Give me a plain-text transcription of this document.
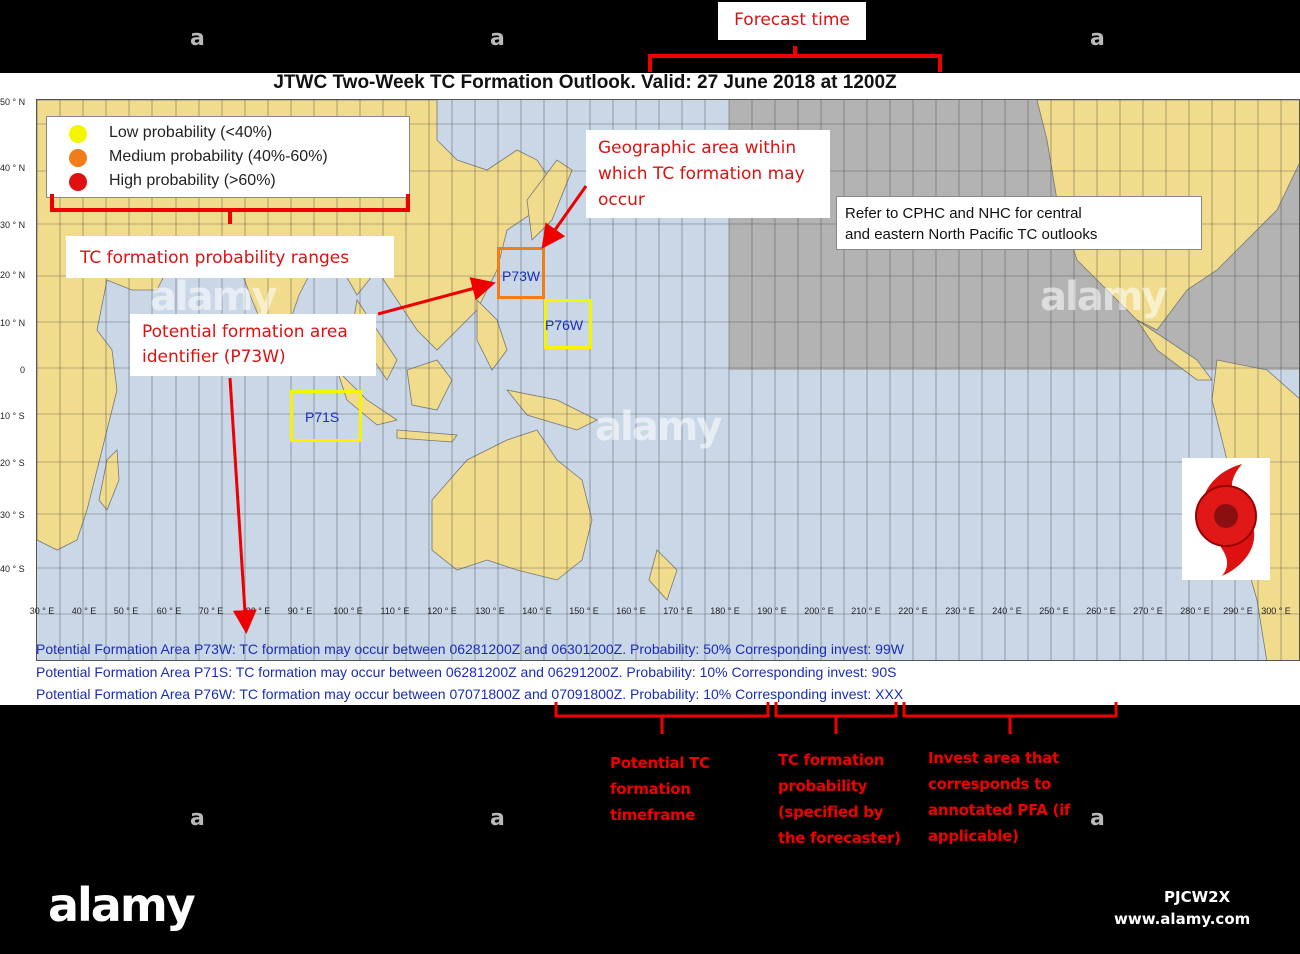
Forecast time
JTWC Two-Week TC Formation Outlook. Valid: 27 June 2018 at 1200Z
50 ° N
40 ° N
30 ° N
20 ° N
10 ° N
0
10 ° S
20 ° S
30 ° S
40 ° S
30 ° E 40 ° E 50 ° E 60 ° E 70 ° E 80 ° E 90 ° E 100 ° E 110 ° E 120 ° E 130 ° E 140 ° E 150 ° E 160 ° E 170 ° E 180 ° E 190 ° E 200 ° E 210 ° E 220 ° E 230 ° E 240 ° E 250 ° E 260 ° E 270 ° E 280 ° E 290 ° E 300 ° E
Potential Formation Area P73W: TC formation may occur between 06281200Z and 06301200Z. Probability: 50% Corresponding invest: 99W
Potential Formation Area P71S: TC formation may occur between 06281200Z and 06291200Z. Probability: 10% Corresponding invest: 90S
Potential Formation Area P76W: TC formation may occur between 07071800Z and 07091800Z. Probability: 10% Corresponding invest: XXX
Low probability (<40%)
Medium probability (40%-60%)
High probability (>60%)
Refer to CPHC and NHC for central
and eastern North Pacific TC outlooks
P73W
P76W
P71S
Geographic area within
which TC formation may
occur
TC formation probability ranges
Potential formation area
identifier (P73W)
Potential TC
formation
timeframe
TC formation
probability
(specified by
the forecaster)
Invest area that
corresponds to
annotated PFA (if
applicable)
a	a	a
a	a	a
alamy
alamy
alamy
alamy	PJCW2X
www.alamy.com
